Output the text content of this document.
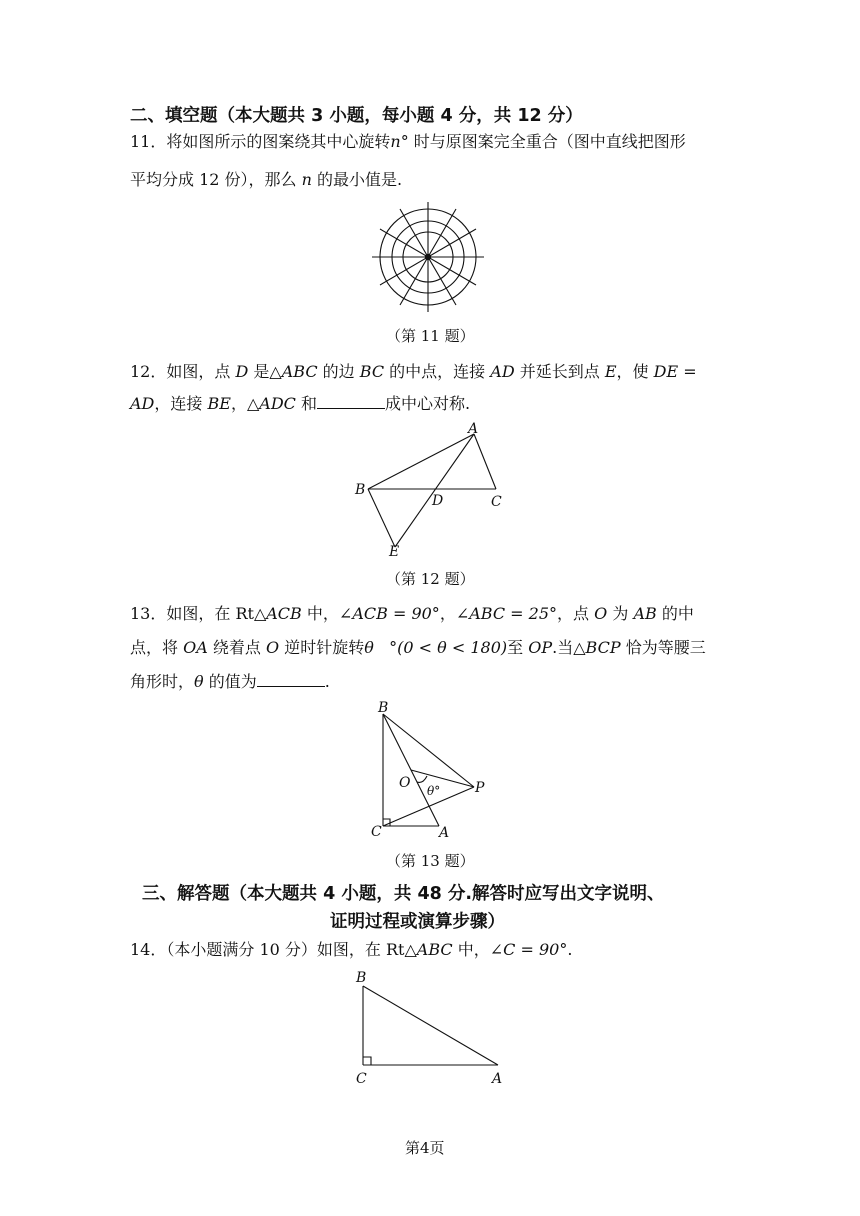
二、填空题（本大题共 3 小题，每小题 4 分，共 12 分）
11．将如图所示的图案绕其中心旋转n° 时与原图案完全重合（图中直线把图形
平均分成 12 份），那么 n 的最小值是.
（第 11 题）
12．如图，点 D 是△ABC 的边 BC 的中点，连接 AD 并延长到点 E，使 DE =
AD，连接 BE，△ADC 和	成中心对称.
A
B
C
D
E
（第 12 题）
13．如图，在 Rt△ACB 中，∠ACB = 90°，∠ABC = 25°，点 O 为 AB 的中
点，将 OA 绕着点 O 逆时针旋转θ °(0 < θ < 180)至 OP.当△BCP 恰为等腰三
角形时，θ 的值为	.
B
O	P
θ°
C	A
（第 13 题）
三、解答题（本大题共 4 小题，共 48 分.解答时应写出文字说明、
证明过程或演算步骤）
14．（本小题满分 10 分）如图，在 Rt△ABC 中，∠C = 90°.
B
C	A
第4页
